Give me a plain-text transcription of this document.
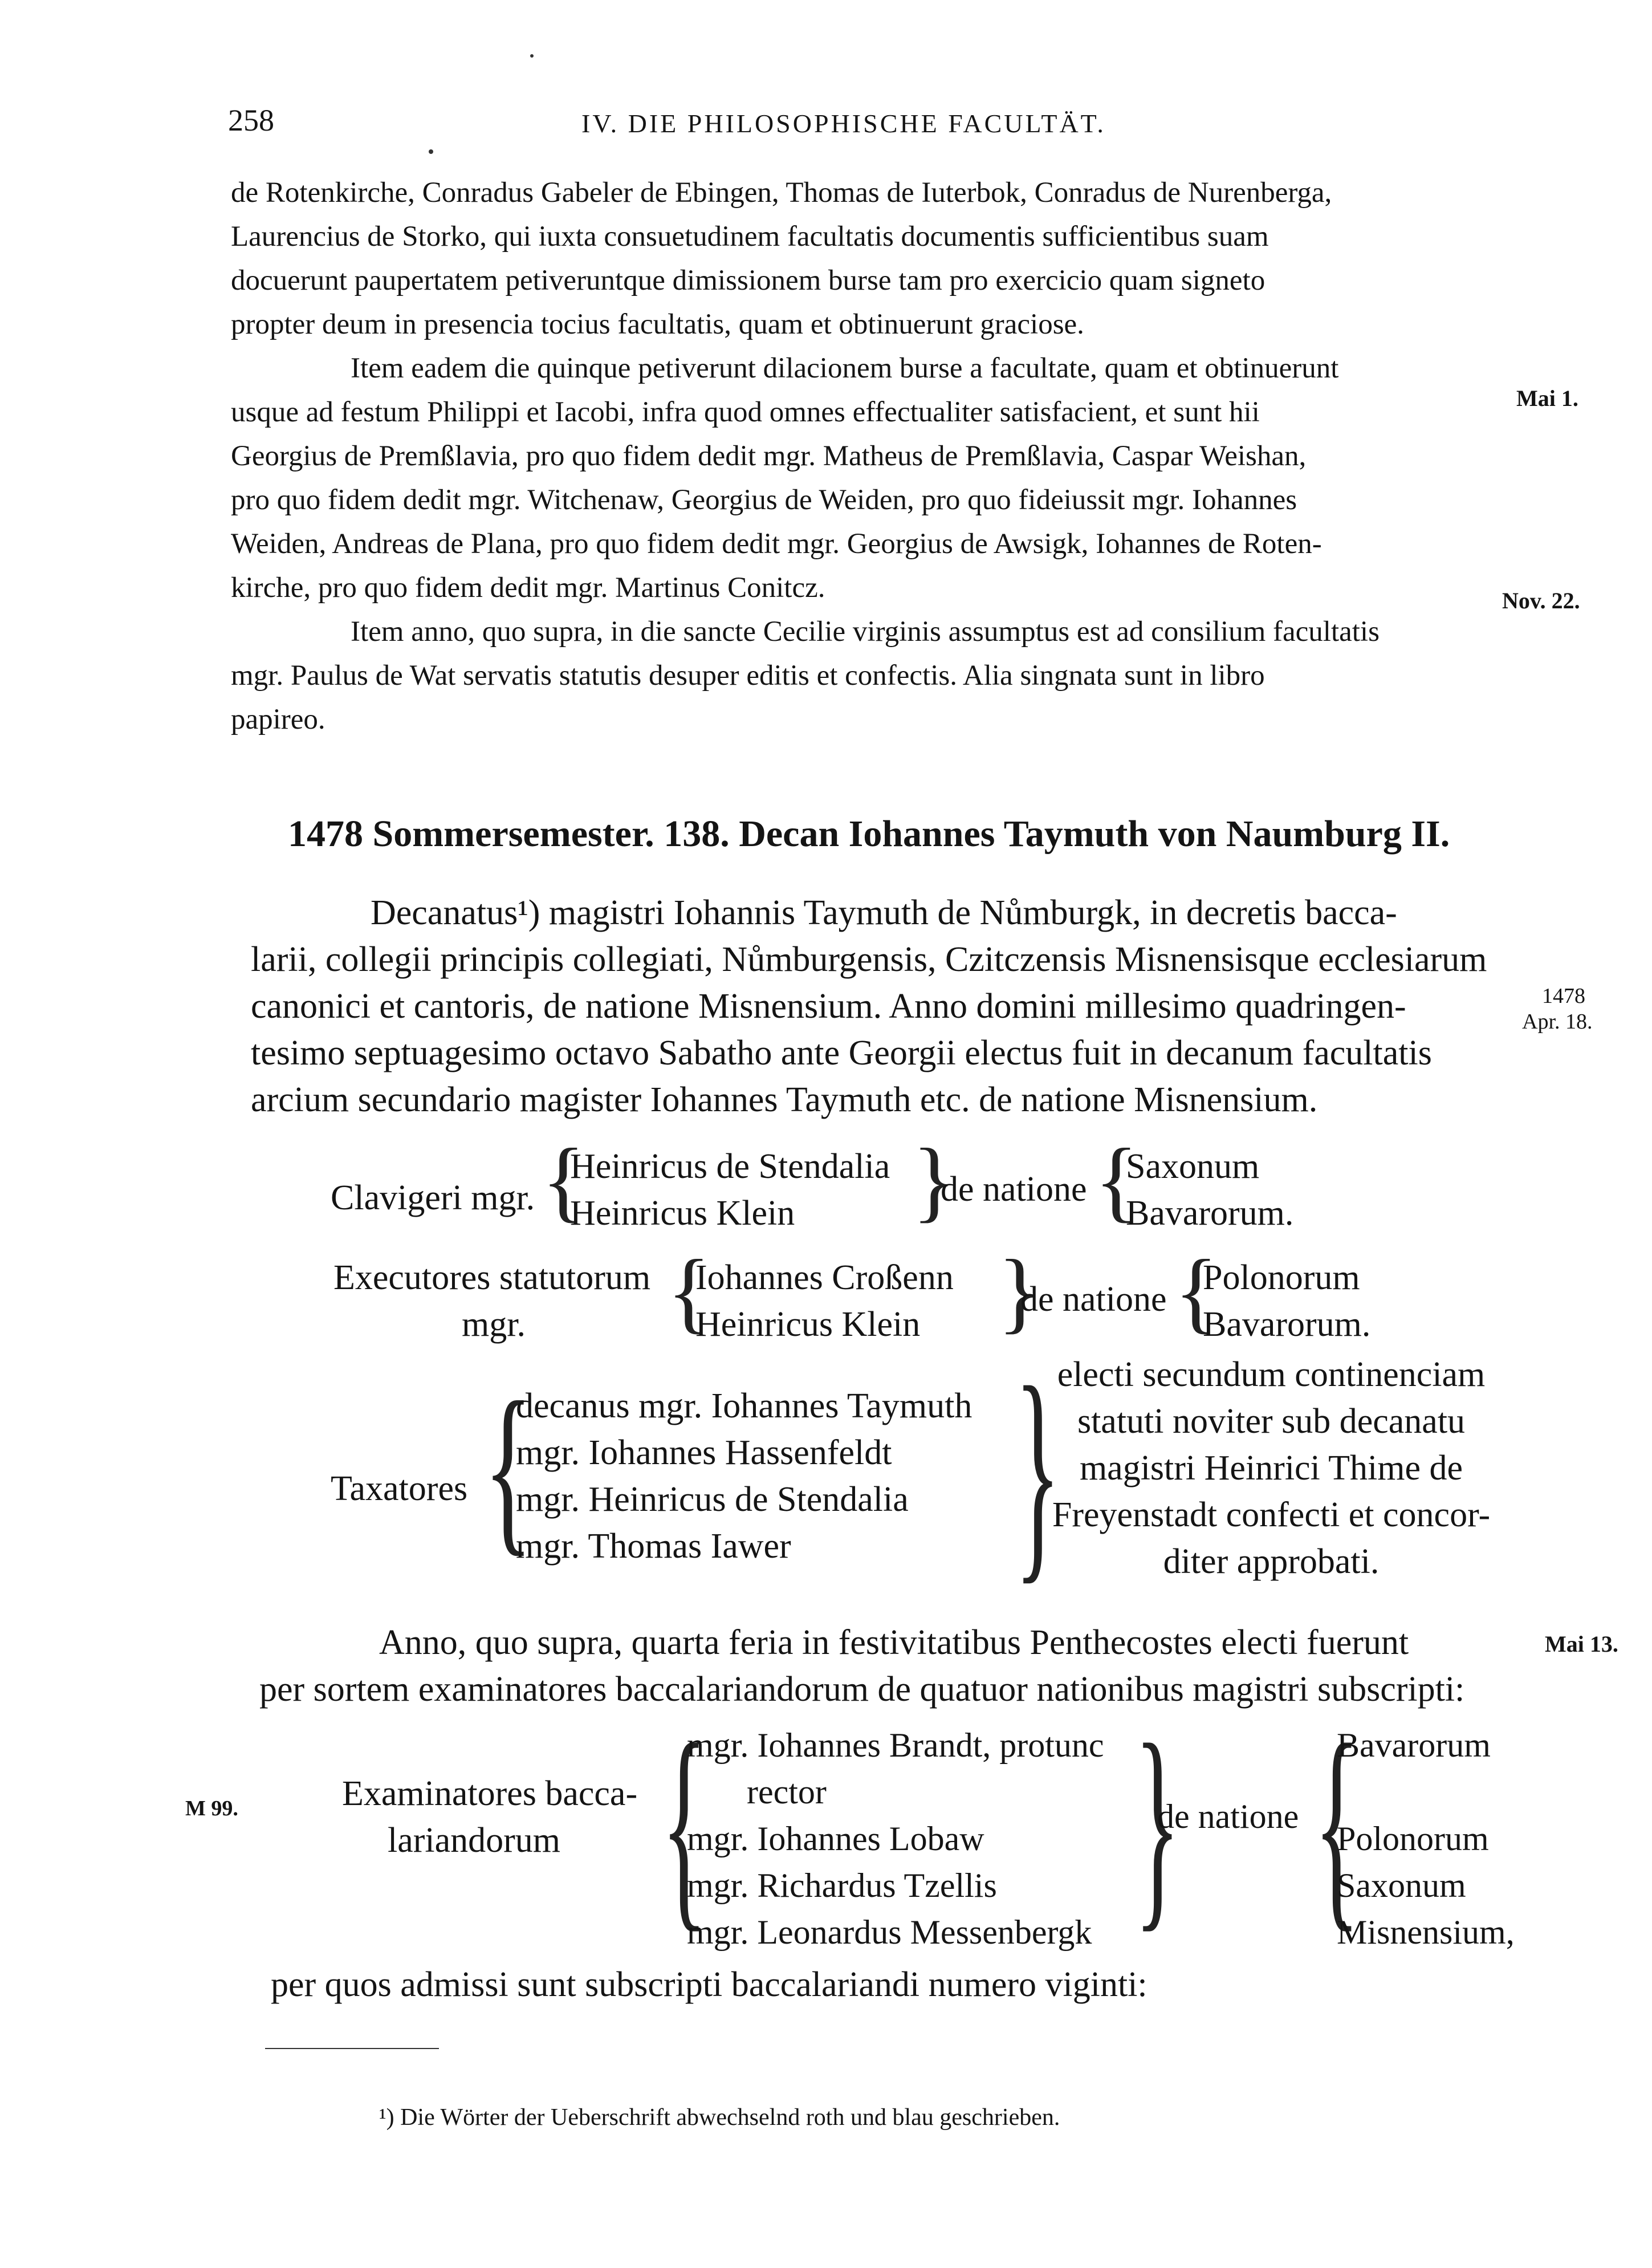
258	IV. DIE PHILOSOPHISCHE FACULTÄT.
de Rotenkirche, Conradus Gabeler de Ebingen, Thomas de Iuterbok, Conradus de Nurenberga,
Laurencius de Storko, qui iuxta consuetudinem facultatis documentis sufficientibus suam
docuerunt paupertatem petiveruntque dimissionem burse tam pro exercicio quam signeto
propter deum in presencia tocius facultatis, quam et obtinuerunt graciose.
Item eadem die quinque petiverunt dilacionem burse a facultate, quam et obtinuerunt
usque ad festum Philippi et Iacobi, infra quod omnes effectualiter satisfacient, et sunt hii
Georgius de Premßlavia, pro quo fidem dedit mgr. Matheus de Premßlavia, Caspar Weishan,
pro quo fidem dedit mgr. Witchenaw, Georgius de Weiden, pro quo fideiussit mgr. Iohannes
Weiden, Andreas de Plana, pro quo fidem dedit mgr. Georgius de Awsigk, Iohannes de Roten-
kirche, pro quo fidem dedit mgr. Martinus Conitcz.
Mai 1.
Item anno, quo supra, in die sancte Cecilie virginis assumptus est ad consilium facultatis
mgr. Paulus de Wat servatis statutis desuper editis et confectis. Alia singnata sunt in libro
papireo.
Nov. 22.
1478 Sommersemester. 138. Decan Iohannes Taymuth von Naumburg II.
Decanatus¹) magistri Iohannis Taymuth de Nůmburgk, in decretis bacca-
larii, collegii principis collegiati, Nůmburgensis, Czitczensis Misnensisque ecclesiarum
canonici et cantoris, de natione Misnensium. Anno domini millesimo quadringen-
tesimo septuagesimo octavo Sabatho ante Georgii electus fuit in decanum facultatis
arcium secundario magister Iohannes Taymuth etc. de natione Misnensium.
1478
Apr. 18.
Clavigeri mgr. {
Heinricus de Stendalia
Heinricus Klein	}
de natione {
Saxonum
Bavarorum.
Executores statutorum
mgr.	{
Iohannes Croßenn
Heinricus Klein }
de natione {
Polonorum
Bavarorum.
Taxatores {
decanus mgr. Iohannes Taymuth
mgr. Iohannes Hassenfeldt
mgr. Heinricus de Stendalia
mgr. Thomas Iawer }
electi secundum continenciam
statuti noviter sub decanatu
magistri Heinrici Thime de
Freyenstadt confecti et concor-
diter approbati.
Anno, quo supra, quarta feria in festivitatibus Penthecostes electi fuerunt
per sortem examinatores baccalariandorum de quatuor nationibus magistri subscripti:
Mai 13.
M 99.	Examinatores bacca-
lariandorum {
mgr. Iohannes Brandt, protunc
rector
mgr. Iohannes Lobaw
mgr. Richardus Tzellis
mgr. Leonardus Messenbergk }
de natione {
Bavarorum
Polonorum
Saxonum
Misnensium,
per quos admissi sunt subscripti baccalariandi numero viginti:
¹) Die Wörter der Ueberschrift abwechselnd roth und blau geschrieben.
